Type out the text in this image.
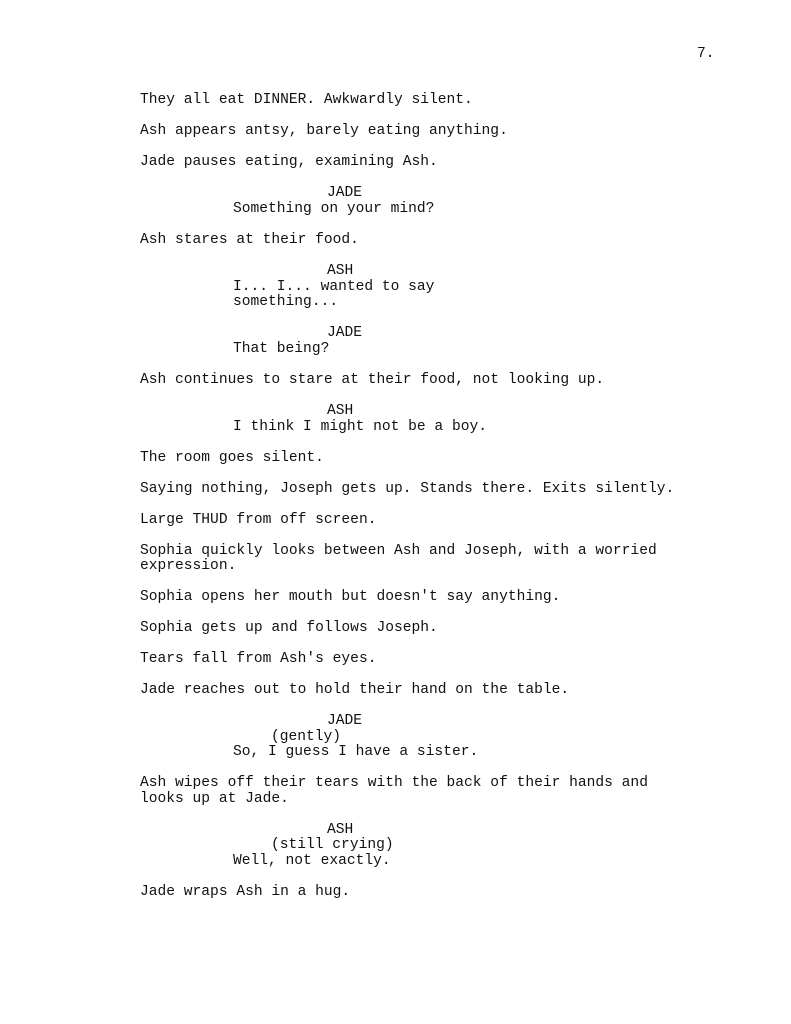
7.

They all eat DINNER. Awkwardly silent.

Ash appears antsy, barely eating anything.

Jade pauses eating, examining Ash.

JADE

Something on your mind?

Ash stares at their food.

ASH

I... I... wanted to say

something...

JADE

That being?

Ash continues to stare at their food, not looking up.

ASH

I think I might not be a boy.

The room goes silent.

Saying nothing, Joseph gets up. Stands there. Exits silently.

Large THUD from off screen.

Sophia quickly looks between Ash and Joseph, with a worried

expression.

Sophia opens her mouth but doesn't say anything.

Sophia gets up and follows Joseph.

Tears fall from Ash's eyes.

Jade reaches out to hold their hand on the table.

JADE

(gently)

So, I guess I have a sister.

Ash wipes off their tears with the back of their hands and

looks up at Jade.

ASH

(still crying)

Well, not exactly.

Jade wraps Ash in a hug.
